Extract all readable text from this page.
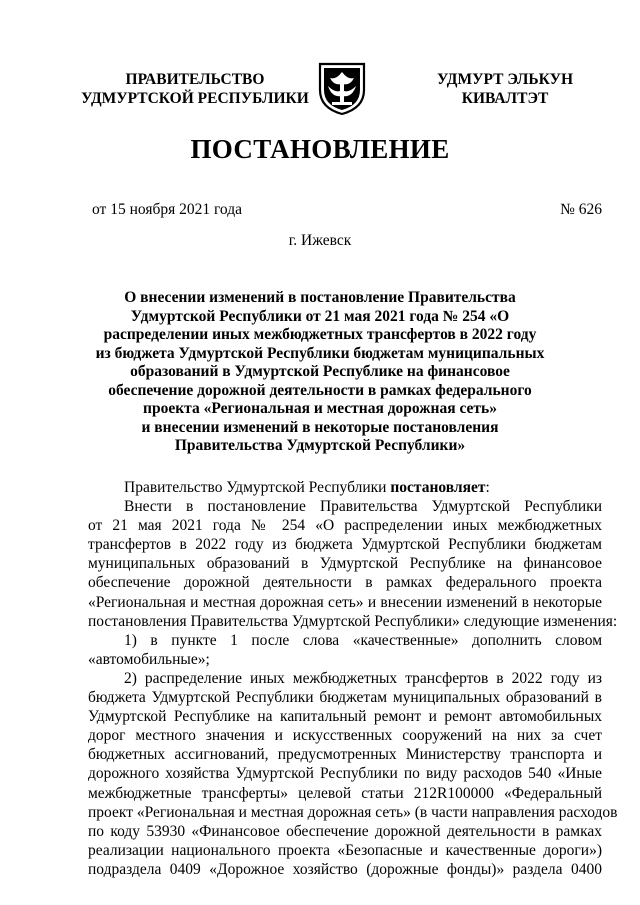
ПРАВИТЕЛЬСТВО
УДМУРТСКОЙ РЕСПУБЛИКИ
УДМУРТ ЭЛЬКУН
КИВАЛТЭТ
ПОСТАНОВЛЕНИЕ
от 15 ноября 2021 года	№ 626
г. Ижевск
О внесении изменений в постановление Правительства
Удмуртской Республики от 21 мая 2021 года № 254 «О
распределении иных межбюджетных трансфертов в 2022 году
из бюджета Удмуртской Республики бюджетам муниципальных
образований в Удмуртской Республике на финансовое
обеспечение дорожной деятельности в рамках федерального
проекта «Региональная и местная дорожная сеть»
и внесении изменений в некоторые постановления
Правительства Удмуртской Республики»
Правительство Удмуртской Республики постановляет:
Внести в постановление Правительства Удмуртской Республики
от 21 мая 2021 года № 254 «О распределении иных межбюджетных
трансфертов в 2022 году из бюджета Удмуртской Республики бюджетам
муниципальных образований в Удмуртской Республике на финансовое
обеспечение дорожной деятельности в рамках федерального проекта
«Региональная и местная дорожная сеть» и внесении изменений в некоторые
постановления Правительства Удмуртской Республики» следующие изменения:
1) в пункте 1 после слова «качественные» дополнить словом
«автомобильные»;
2) распределение иных межбюджетных трансфертов в 2022 году из
бюджета Удмуртской Республики бюджетам муниципальных образований в
Удмуртской Республике на капитальный ремонт и ремонт автомобильных
дорог местного значения и искусственных сооружений на них за счет
бюджетных ассигнований, предусмотренных Министерству транспорта и
дорожного хозяйства Удмуртской Республики по виду расходов 540 «Иные
межбюджетные трансферты» целевой статьи 212R100000 «Федеральный
проект «Региональная и местная дорожная сеть» (в части направления расходов
по коду 53930 «Финансовое обеспечение дорожной деятельности в рамках
реализации национального проекта «Безопасные и качественные дороги»)
подраздела 0409 «Дорожное хозяйство (дорожные фонды)» раздела 0400
